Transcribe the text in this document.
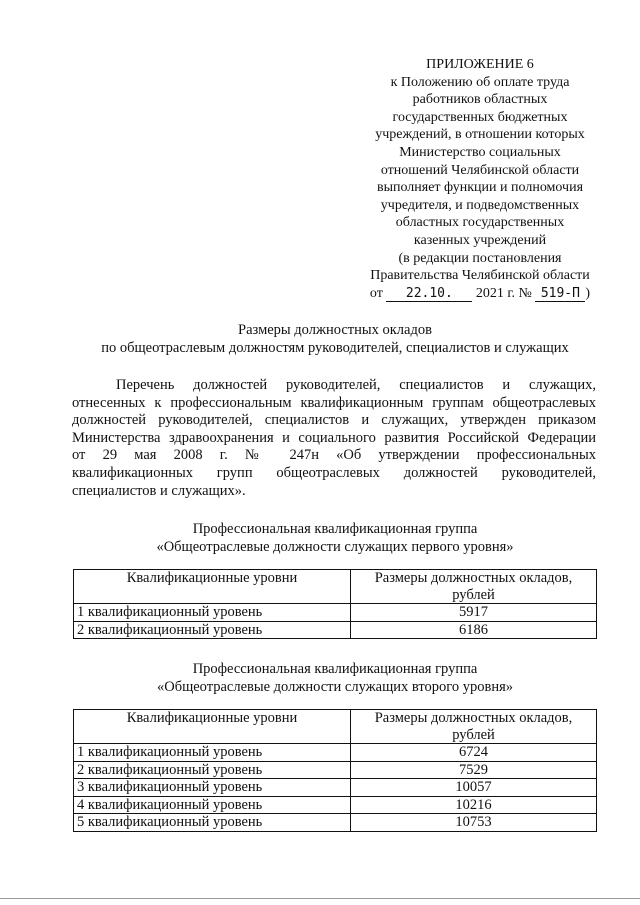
ПРИЛОЖЕНИЕ 6
к Положению об оплате труда
работников областных
государственных бюджетных
учреждений, в отношении которых
Министерство социальных
отношений Челябинской области
выполняет функции и полномочия
учредителя, и подведомственных
областных государственных
казенных учреждений
(в редакции постановления
Правительства Челябинской области
от 22.10. 2021 г. № 519-П )
Размеры должностных окладов
по общеотраслевым должностям руководителей, специалистов и служащих
Перечень должностей руководителей, специалистов и служащих,
отнесенных к профессиональным квалификационным группам общеотраслевых
должностей руководителей, специалистов и служащих, утвержден приказом
Министерства здравоохранения и социального развития Российской Федерации
от 29 мая 2008 г. № 247н «Об утверждении профессиональных
квалификационных групп общеотраслевых должностей руководителей,
специалистов и служащих».
Профессиональная квалификационная группа
«Общеотраслевые должности служащих первого уровня»
Квалификационные уровни	Размеры должностных окладов,
рублей

1 квалификационный уровень	5917
2 квалификационный уровень	6186
Профессиональная квалификационная группа
«Общеотраслевые должности служащих второго уровня»
Квалификационные уровни	Размеры должностных окладов,
рублей

1 квалификационный уровень	6724
2 квалификационный уровень	7529
3 квалификационный уровень	10057
4 квалификационный уровень	10216
5 квалификационный уровень	10753
